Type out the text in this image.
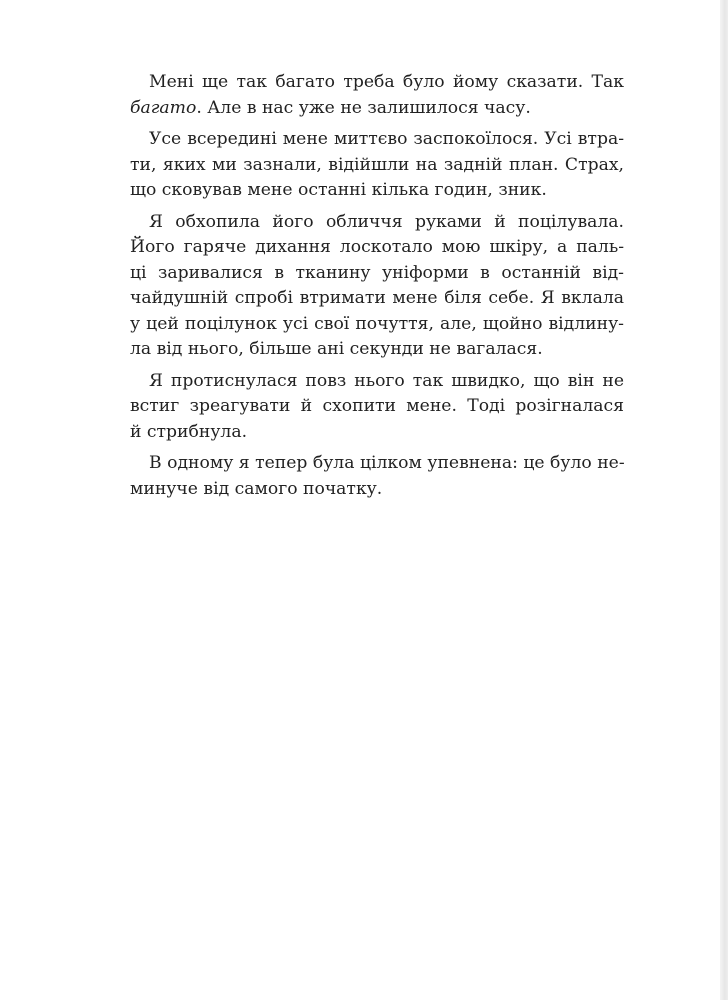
Мені ще так багато треба було йому сказати. Так
багато. Але в нас уже не залишилося часу.
Усе всередині мене миттєво заспокоїлося. Усі втра-
ти, яких ми зазнали, відійшли на задній план. Страх,
що сковував мене останні кілька годин, зник.
Я обхопила його обличчя руками й поцілувала.
Його гаряче дихання лоскотало мою шкіру, а паль-
ці заривалися в тканину уніформи в останній від-
чайдушній спробі втримати мене біля себе. Я вклала
у цей поцілунок усі свої почуття, але, щойно відлину-
ла від нього, більше ані секунди не вагалася.
Я протиснулася повз нього так швидко, що він не
встиг зреагувати й схопити мене. Тоді розігналася
й стрибнула.
В одному я тепер була цілком упевнена: це було не-
минуче від самого початку.
